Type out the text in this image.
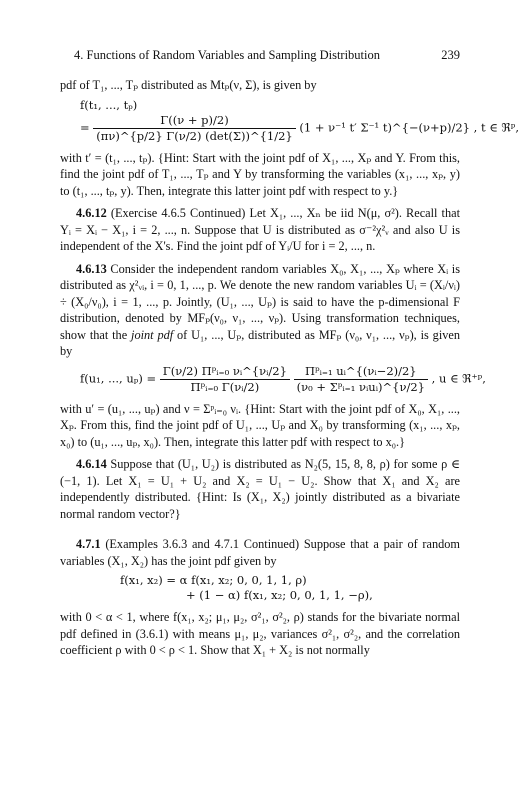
4. Functions of Random Variables and Sampling Distribution	239

pdf of T₁, ..., Tₚ distributed as Mtₚ(ν, Σ), is given by

f(t₁, ..., tₚ)
= $\frac{\Gamma((\nu + p)/2)}{(\pi\nu)\^{}\{p/2\} \Gamma(\nu/2) (\det(\Sigma))\^{}\{1/2\}} (1 + \nu^{-1}$ t′ Σ⁻¹ t)^{−(ν+p)/2} , t ∈ ℜᵖ,

with t′ = (t₁, ..., tₚ). {Hint: Start with the joint pdf of X₁, ..., Xₚ and Y. From this, find the joint pdf of T₁, ..., Tₚ and Y by transforming the variables (x₁, ..., xₚ, y) to (t₁, ..., tₚ, y). Then, integrate this latter joint pdf with respect to y.}

4.6.12 (Exercise 4.6.5 Continued) Let X₁, ..., Xₙ be iid N(μ, σ²). Recall that Yᵢ = Xᵢ − X₁, i = 2, ..., n. Suppose that U is distributed as σ⁻²χ²ᵥ and also U is independent of the X's. Find the joint pdf of Yᵢ/U for i = 2, ..., n.

4.6.13 Consider the independent random variables X₀, X₁, ..., Xₚ where Xᵢ is distributed as χ²ᵥᵢ, i = 0, 1, ..., p. We denote the new random variables Uᵢ = (Xᵢ/νᵢ) ÷ (X₀/ν₀), i = 1, ..., p. Jointly, (U₁, ..., Uₚ) is said to have the p-dimensional F distribution, denoted by MFₚ(ν₀, ν₁, ..., νₚ). Using transformation techniques, show that the joint pdf of U₁, ..., Uₚ, distributed as MFₚ (ν₀, ν₁, ..., νₚ), is given by

f(u₁, ..., $u_p) = \frac{\text{Γ(ν/2) Πᵖᵢ₌₀ νᵢ\textasciicircum{}\{νᵢ/2\}}}{\text{Πᵖᵢ₌₀ Γ(νᵢ/2)}}$
$\frac{\text{Πᵖᵢ₌₁ uᵢ\textasciicircum{}\{(νᵢ−2)/2\}}}{\text{(ν₀ + Σᵖᵢ₌₁ νᵢuᵢ)\textasciicircum{}\{ν/2\}}}$ , u ∈ ℜ⁺ᵖ,

with u′ = (u₁, ..., uₚ) and ν = Σᵖᵢ₌₀ νᵢ. {Hint: Start with the joint pdf of X₀, X₁, ..., Xₚ. From this, find the joint pdf of U₁, ..., Uₚ and X₀ by transforming (x₁, ..., xₚ, x₀) to (u₁, ..., uₚ, x₀). Then, integrate this latter pdf with respect to x₀.}

4.6.14 Suppose that (U₁, U₂) is distributed as N₂(5, 15, 8, 8, ρ) for some ρ ∈ (−1, 1). Let X₁ = U₁ + U₂ and X₂ = U₁ − U₂. Show that X₁ and X₂ are independently distributed. {Hint: Is (X₁, X₂) jointly distributed as a bivariate normal random vector?}

4.7.1 (Examples 3.6.3 and 4.7.1 Continued) Suppose that a pair of random variables (X₁, X₂) has the joint pdf given by

f(x₁, x₂) = α f(x₁, x₂; 0, 0, 1, 1, ρ)
+ (1 − α) f(x₁, x₂; 0, 0, 1, 1, −ρ),

with 0 < α < 1, where f(x₁, x₂; μ₁, μ₂, σ²₁, σ²₂, ρ) stands for the bivariate normal pdf defined in (3.6.1) with means μ₁, μ₂, variances σ²₁, σ²₂, and the correlation coefficient ρ with 0 < ρ < 1. Show that X₁ + X₂ is not normally
